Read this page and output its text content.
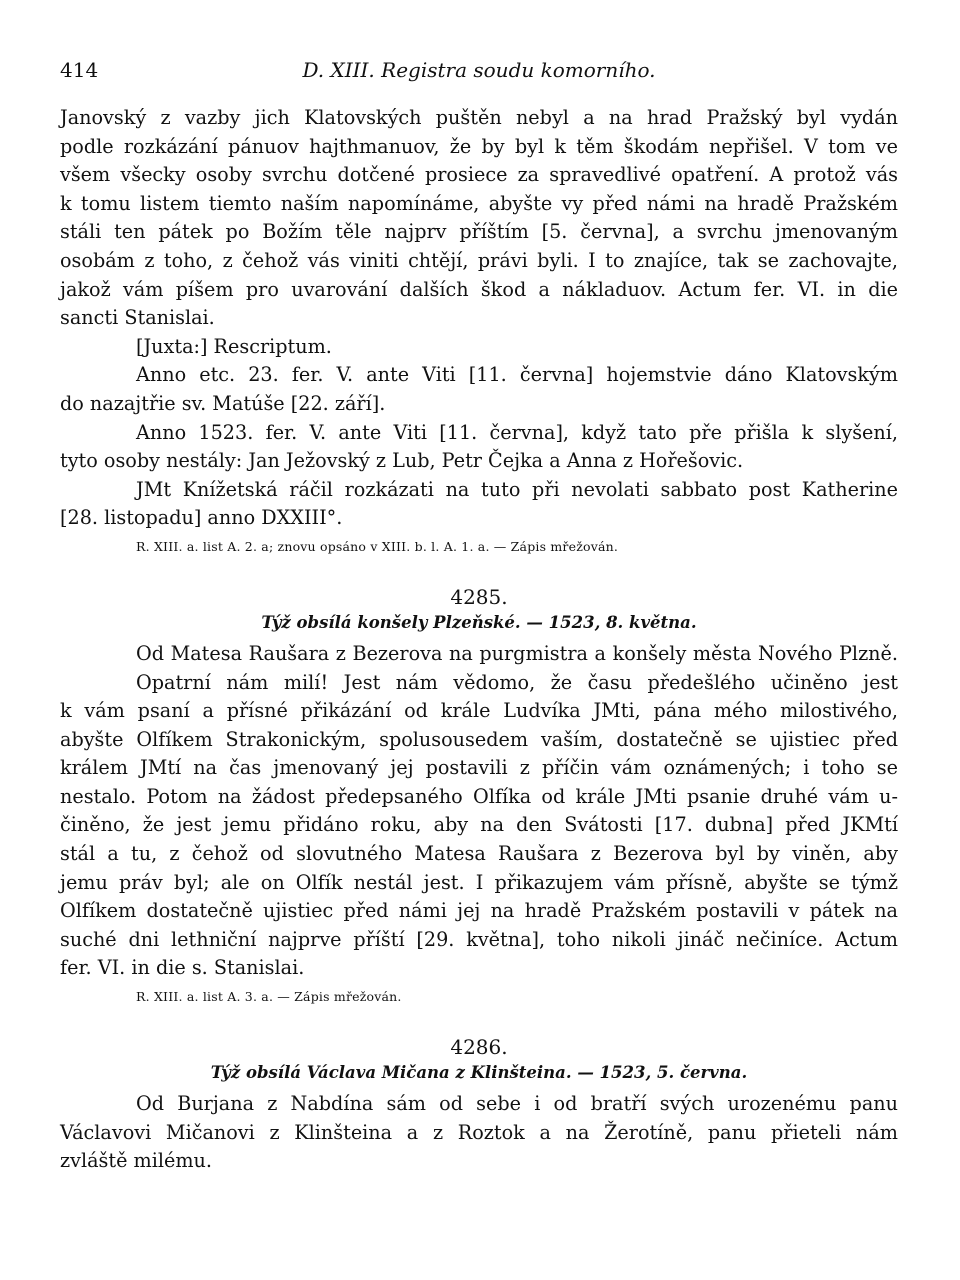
414	D. XIII. Registra soudu komorního.
Janovský z vazby jich Klatovských puštěn nebyl a na hrad Pražský byl vydán
podle rozkázání pánuov hajthmanuov, že by byl k těm škodám nepřišel. V tom ve
všem všecky osoby svrchu dotčené prosiece za spravedlivé opatření. A protož vás
k tomu listem tiemto naším napomínáme, abyšte vy před námi na hradě Pražském
stáli ten pátek po Božím těle najprv příštím [5. června], a svrchu jmenovaným
osobám z toho, z čehož vás viniti chtějí, právi byli. I to znajíce, tak se zachovajte,
jakož vám píšem pro uvarování dalších škod a nákladuov. Actum fer. VI. in die
sancti Stanislai.
[Juxta:] Rescriptum.
Anno etc. 23. fer. V. ante Viti [11. června] hojemstvie dáno Klatovským
do nazajtřie sv. Matúše [22. září].
Anno 1523. fer. V. ante Viti [11. června], když tato pře přišla k slyšení,
tyto osoby nestály: Jan Ježovský z Lub, Petr Čejka a Anna z Hořešovic.
JMt Knížetská ráčil rozkázati na tuto při nevolati sabbato post Katherine
[28. listopadu] anno DXXIII°.
R. XIII. a. list A. 2. a; znovu opsáno v XIII. b. l. A. 1. a. — Zápis mřežován.
4285.
Týž obsílá konšely Plzeňské. — 1523, 8. května.
Od Matesa Raušara z Bezerova na purgmistra a konšely města Nového Plzně.
Opatrní nám milí! Jest nám vědomo, že času předešlého učiněno jest
k vám psaní a přísné přikázání od krále Ludvíka JMti, pána mého milostivého,
abyšte Olfíkem Strakonickým, spolusousedem vaším, dostatečně se ujistiec před
králem JMtí na čas jmenovaný jej postavili z příčin vám oznámených; i toho se
nestalo. Potom na žádost předepsaného Olfíka od krále JMti psanie druhé vám u-
činěno, že jest jemu přidáno roku, aby na den Svátosti [17. dubna] před JKMtí
stál a tu, z čehož od slovutného Matesa Raušara z Bezerova byl by viněn, aby
jemu práv byl; ale on Olfík nestál jest. I přikazujem vám přísně, abyšte se týmž
Olfíkem dostatečně ujistiec před námi jej na hradě Pražském postavili v pátek na
suché dni lethniční najprve příští [29. května], toho nikoli jináč nečiníce. Actum
fer. VI. in die s. Stanislai.
R. XIII. a. list A. 3. a. — Zápis mřežován.
4286.
Týž obsílá Václava Mičana z Klinšteina. — 1523, 5. června.
Od Burjana z Nabdína sám od sebe i od bratří svých urozenému panu
Václavovi Mičanovi z Klinšteina a z Roztok a na Žerotíně, panu přieteli nám
zvláště milému.
